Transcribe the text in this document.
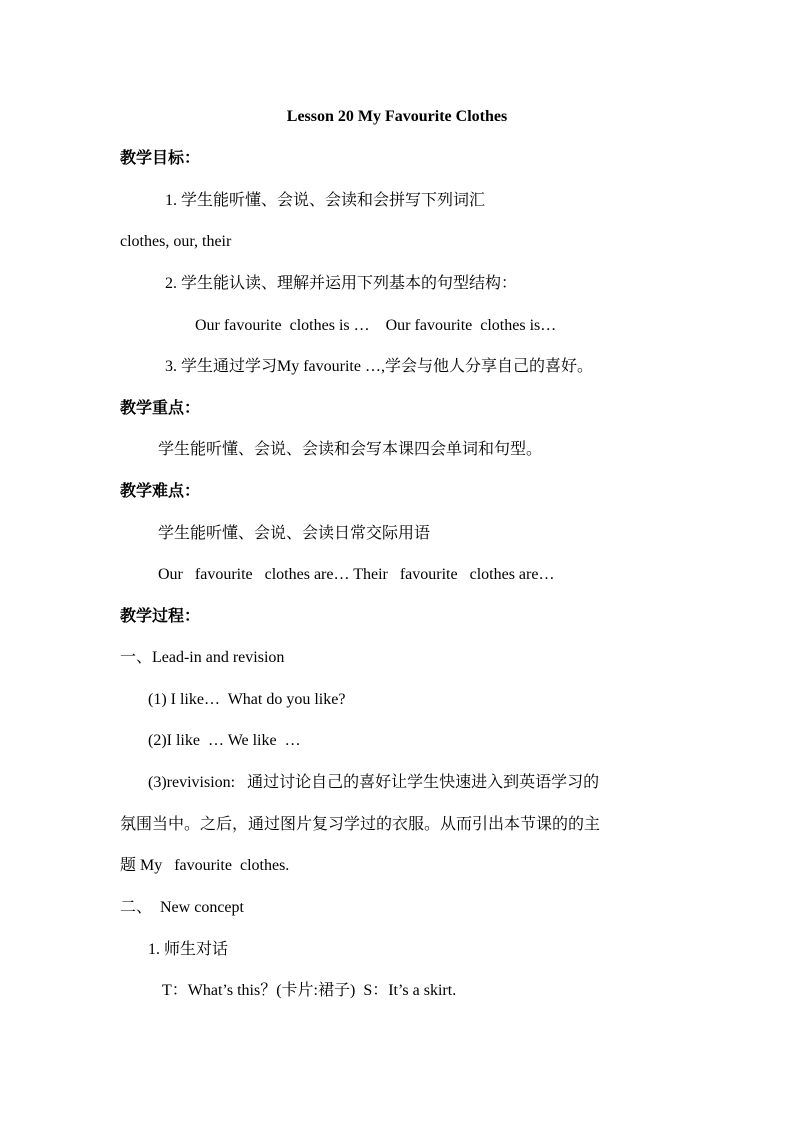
Lesson 20 My Favourite Clothes
教学目标：
1. 学生能听懂、会说、会读和会拼写下列词汇
clothes, our, their
2. 学生能认读、理解并运用下列基本的句型结构：
Our favourite  clothes is …    Our favourite  clothes is…
3. 学生通过学习My favourite …,学会与他人分享自己的喜好。
教学重点：
学生能听懂、会说、会读和会写本课四会单词和句型。
教学难点：
学生能听懂、会说、会读日常交际用语
Our   favourite   clothes are… Their   favourite   clothes are…
教学过程：
一、Lead-in and revision
(1) I like…  What do you like?
(2)I like  … We like  …
(3)revivision:   通过讨论自己的喜好让学生快速进入到英语学习的
氛围当中。之后，通过图片复习学过的衣服。从而引出本节课的的主
题 My   favourite  clothes.
二、  New concept
1. 师生对话
T：What’s this？(卡片:裙子)  S：It’s a skirt.
